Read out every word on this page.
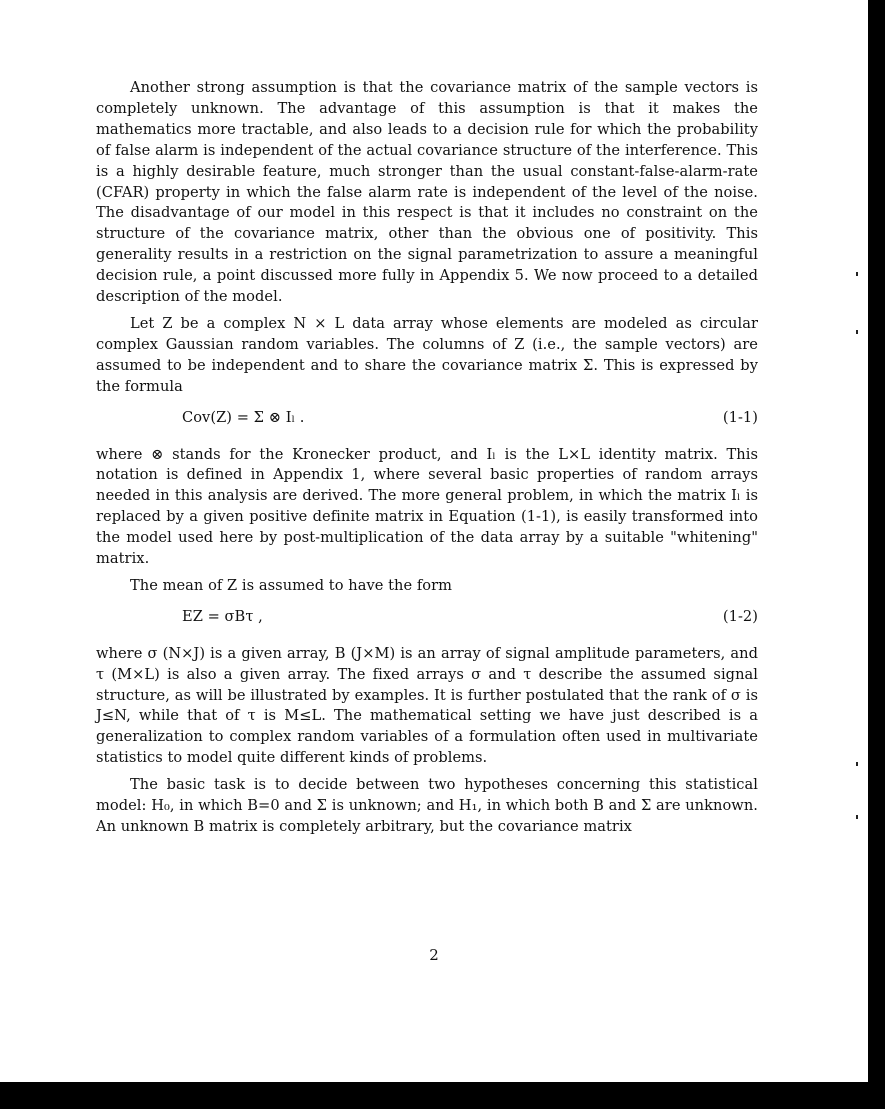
Another strong assumption is that the covariance matrix of the sample vectors is completely unknown. The advantage of this assumption is that it makes the mathematics more tractable, and also leads to a decision rule for which the probability of false alarm is independent of the actual covariance structure of the interference. This is a highly desirable feature, much stronger than the usual constant-false-alarm-rate (CFAR) property in which the false alarm rate is independent of the level of the noise. The disadvantage of our model in this respect is that it includes no constraint on the structure of the covariance matrix, other than the obvious one of positivity. This generality results in a restriction on the signal parametrization to assure a meaningful decision rule, a point discussed more fully in Appendix 5. We now proceed to a detailed description of the model.

Let Z be a complex N × L data array whose elements are modeled as circular complex Gaussian random variables. The columns of Z (i.e., the sample vectors) are assumed to be independent and to share the covariance matrix Σ. This is expressed by the formula

Cov(Z) = Σ ⊗ Iₗ .	(1-1)

where ⊗ stands for the Kronecker product, and Iₗ is the L×L identity matrix. This notation is defined in Appendix 1, where several basic properties of random arrays needed in this analysis are derived. The more general problem, in which the matrix Iₗ is replaced by a given positive definite matrix in Equation (1-1), is easily transformed into the model used here by post-multiplication of the data array by a suitable "whitening" matrix.

The mean of Z is assumed to have the form

EZ = σBτ ,	(1-2)

where σ (N×J) is a given array, B (J×M) is an array of signal amplitude parameters, and τ (M×L) is also a given array. The fixed arrays σ and τ describe the assumed signal structure, as will be illustrated by examples. It is further postulated that the rank of σ is J≤N, while that of τ is M≤L. The mathematical setting we have just described is a generalization to complex random variables of a formulation often used in multivariate statistics to model quite different kinds of problems.

The basic task is to decide between two hypotheses concerning this statistical model: H₀, in which B=0 and Σ is unknown; and H₁, in which both B and Σ are unknown. An unknown B matrix is completely arbitrary, but the covariance matrix

2
